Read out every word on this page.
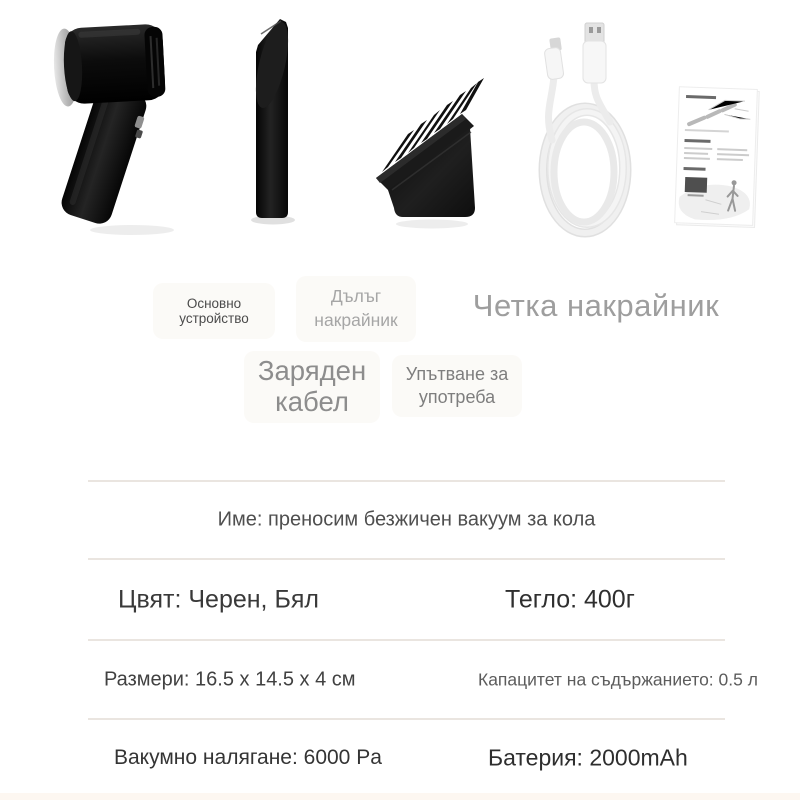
Основно устройство
Дълъг накрайник	Четка накрайник
Заряден кабел
Упътване за употреба
Име: преносим безжичен вакуум за кола
Цвят: Черен, Бял	Тегло: 400г
Размери: 16.5 x 14.5 x 4 см	Капацитет на съдържанието: 0.5 л
Вакумно налягане: 6000 Pa	Батерия: 2000mAh
